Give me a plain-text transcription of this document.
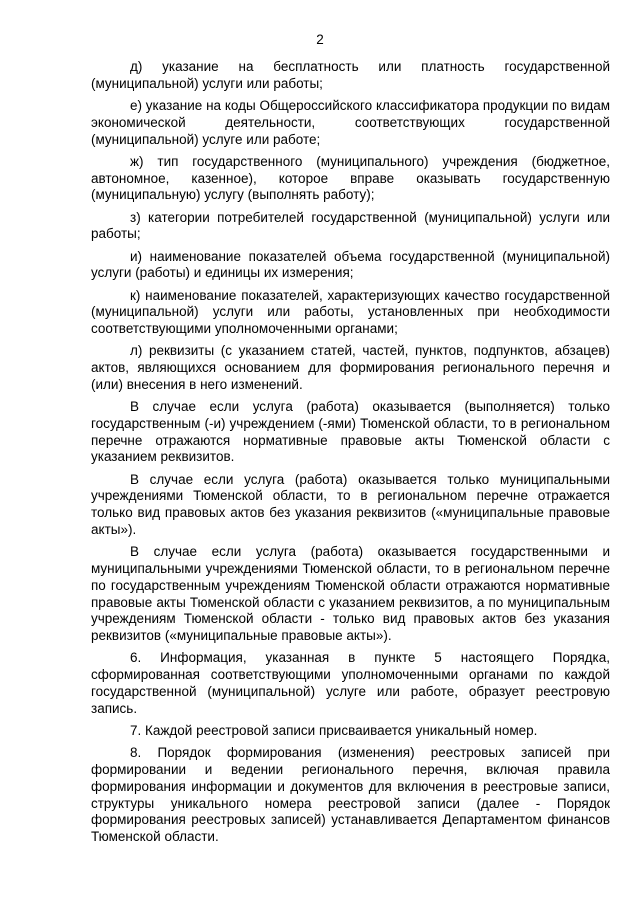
2

д) указание на бесплатность или платность государственной (муниципальной) услуги или работы;

е) указание на коды Общероссийского классификатора продукции по видам экономической деятельности, соответствующих государственной (муниципальной) услуге или работе;

ж) тип государственного (муниципального) учреждения (бюджетное, автономное, казенное), которое вправе оказывать государственную (муниципальную) услугу (выполнять работу);

з) категории потребителей государственной (муниципальной) услуги или работы;

и) наименование показателей объема государственной (муниципальной) услуги (работы) и единицы их измерения;

к) наименование показателей, характеризующих качество государственной (муниципальной) услуги или работы, установленных при необходимости соответствующими уполномоченными органами;

л) реквизиты (с указанием статей, частей, пунктов, подпунктов, абзацев) актов, являющихся основанием для формирования регионального перечня и (или) внесения в него изменений.

В случае если услуга (работа) оказывается (выполняется) только государственным (-и) учреждением (-ями) Тюменской области, то в региональном перечне отражаются нормативные правовые акты Тюменской области с указанием реквизитов.

В случае если услуга (работа) оказывается только муниципальными учреждениями Тюменской области, то в региональном перечне отражается только вид правовых актов без указания реквизитов («муниципальные правовые акты»).

В случае если услуга (работа) оказывается государственными и муниципальными учреждениями Тюменской области, то в региональном перечне по государственным учреждениям Тюменской области отражаются нормативные правовые акты Тюменской области с указанием реквизитов, а по муниципальным учреждениям Тюменской области - только вид правовых актов без указания реквизитов («муниципальные правовые акты»).

6. Информация, указанная в пункте 5 настоящего Порядка, сформированная соответствующими уполномоченными органами по каждой государственной (муниципальной) услуге или работе, образует реестровую запись.

7. Каждой реестровой записи присваивается уникальный номер.

8. Порядок формирования (изменения) реестровых записей при формировании и ведении регионального перечня, включая правила формирования информации и документов для включения в реестровые записи, структуры уникального номера реестровой записи (далее - Порядок формирования реестровых записей) устанавливается Департаментом финансов Тюменской области.
